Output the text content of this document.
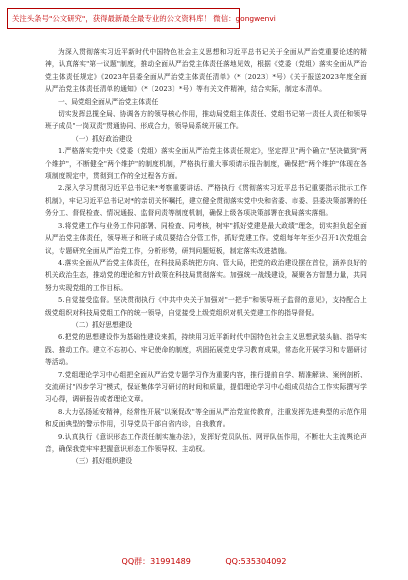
关注头条号"公文研究"，获得最新最全最专业的公文资料库！ 微信：gongwenvi

为深入贯彻落实习近平新时代中国特色社会主义思想和习近平总书记关于全面从严治党重要论述的精神，认真落实"第一议题"制度，推动全面从严治党主体责任落地见效，根据《党委（党组）落实全面从严治党主体责任规定》《2023年县委全面从严治党主体责任清单》（*〔2023〕*号）《关于报送2023年度全面从严治党主体责任清单的通知》（*〔2023〕*号）等有关文件精神，结合实际，制定本清单。

一、局党组全面从严治党主体责任

切实发挥总揽全局、协调各方的领导核心作用，推动局党组主体责任、党组书记第一责任人责任和领导班子成员"一岗双责"贯通协同、形成合力，领导局系统开展工作。

（一）抓好政治建设

1.严格落实党中央《党委（党组）落实全面从严治党主体责任规定》，坚定捍卫"两个确立"坚决做到"两个维护"，不断健全"两个维护"的制度机制，严格执行重大事项请示报告制度，确保把"两个维护"体现在各项制度规定中，贯彻到工作的全过程各方面。

2.深入学习贯彻习近平总书记来*考察重要讲话、严格执行《贯彻落实习近平总书记重要指示批示工作机制》，牢记习近平总书记对*的亲切关怀嘱托，建立健全贯彻落实党中央和省委、市委、县委决策部署的任务分工、督促检查、情况通报、监督问责等制度机制，确保上级各项决策部署在我局落实落细。

3.将党建工作与业务工作同部署、同检查、同考核，树牢"抓好党建是最大政绩"理念，切实担负起全面从严治党主体责任，领导班子和班子成员要结合分管工作，抓好党建工作。党组每年年至少召开1次党组会议，专题研究全面从严治党工作，分析形势，研判问题短板，制定落实改进措施。

4.落实全面从严治党主体责任，在科技局系统把方向、管大局，把党的政治建设摆在首位，涵养良好的机关政治生态，推动党的理论和方针政策在科技局贯彻落实。加强统一战线建设，凝聚各方智慧力量，共同努力实现党组的工作目标。

5.自觉接受监督。坚决贯彻执行《中共中央关于加强对"一把手"和领导班子监督的意见》，支持配合上级党组织对科技局党组工作的统一领导，自觉接受上级党组织对机关党建工作的指导督促。

（二）抓好思想建设

6.把党的思想建设作为基础性建设来抓，持续用习近平新时代中国特色社会主义思想武装头脑、指导实践、推动工作。建立不忘初心、牢记使命的制度，巩固拓展党史学习教育成果，常态化开展学习和专题研讨等活动。

7.党组理论学习中心组把全面从严治党专题学习作为重要内容，推行提前自学、精准解读、案例剖析、交流研讨"四步学习"模式，保证集体学习研讨的时间和质量，提倡理论学习中心组成员结合工作实际撰写学习心得，调研报告或者理论文章。

8.大力弘扬延安精神，经常性开展"以案促改"等全面从严治党宣传教育，注重发挥先进典型的示范作用和反面典型的警示作用，引导党员干部自省内诊，自我教育。

9.认真执行《意识形态工作责任制实施办法》，发挥好党员队伍、网评队伍作用，不断壮大主流舆论声音，确保我党牢牢把握意识形态工作领导权、主动权。

（三）抓好组织建设

QQ群：31991489	QQ:535304092
